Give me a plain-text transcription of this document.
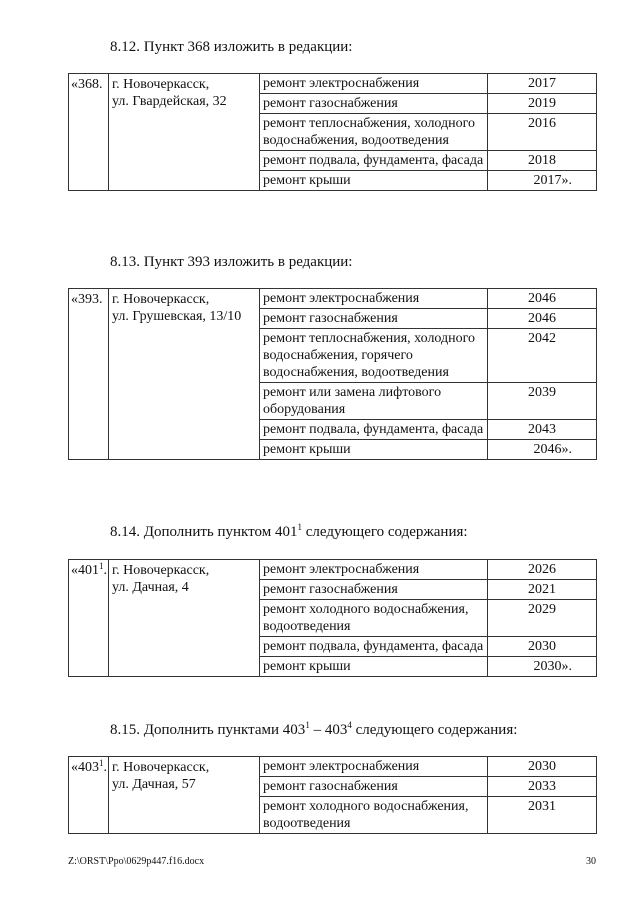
8.12. Пункт 368 изложить в редакции:
«368.	г. Новочеркасск,
ул. Гвардейская, 32	ремонт электроснабжения	2017
		ремонт газоснабжения	2019
		ремонт теплоснабжения, холодного водоснабжения, водоотведения	2016
		ремонт подвала, фундамента, фасада	2018
		ремонт крыши	2017».
8.13. Пункт 393 изложить в редакции:
«393.	г. Новочеркасск,
ул. Грушевская, 13/10	ремонт электроснабжения	2046
		ремонт газоснабжения	2046
		ремонт теплоснабжения, холодного водоснабжения, горячего водоснабжения, водоотведения	2042
		ремонт или замена лифтового оборудования	2039
		ремонт подвала, фундамента, фасада	2043
		ремонт крыши	2046».
8.14. Дополнить пунктом $401^1$ следующего содержания:
«$401^1$.	г. Новочеркасск,
ул. Дачная, 4	ремонт электроснабжения	2026
		ремонт газоснабжения	2021
		ремонт холодного водоснабжения, водоотведения	2029
		ремонт подвала, фундамента, фасада	2030
		ремонт крыши	2030».
8.15. Дополнить пунктами $403^1 - 403^4$ следующего содержания:
«$403^1$.	г. Новочеркасск,
ул. Дачная, 57	ремонт электроснабжения	2030
		ремонт газоснабжения	2033
		ремонт холодного водоснабжения, водоотведения	2031
Z:\ORST\Ppo\0629p447.f16.docx	30
